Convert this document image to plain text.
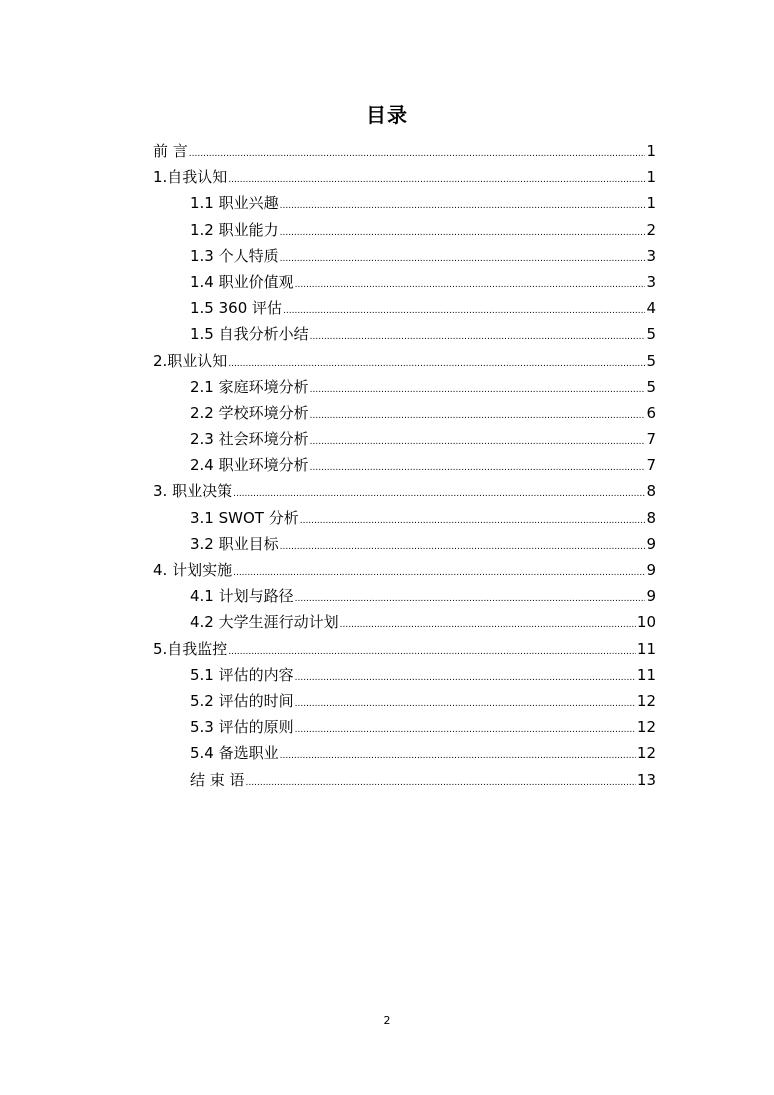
目录
前 言 .....	1
1.自我认知 .....	1
1.1 职业兴趣 .....	1
1.2 职业能力 .....	2
1.3 个人特质 .....	3
1.4 职业价值观 .....	3
1.5 360 评估 .....	4
1.5 自我分析小结 .....	5
2.职业认知 .....	5
2.1 家庭环境分析 .....	5
2.2 学校环境分析 .....	6
2.3 社会环境分析 .....	7
2.4 职业环境分析 .....	7
3. 职业决策 .....	8
3.1 SWOT 分析 .....	8
3.2 职业目标 .....	9
4. 计划实施 .....	9
4.1 计划与路径 .....	9
4.2 大学生涯行动计划 .....	10
5.自我监控 .....	11
5.1 评估的内容 .....	11
5.2 评估的时间 .....	12
5.3 评估的原则 .....	12
5.4 备选职业 .....	12
结 束 语 .....	13
2
